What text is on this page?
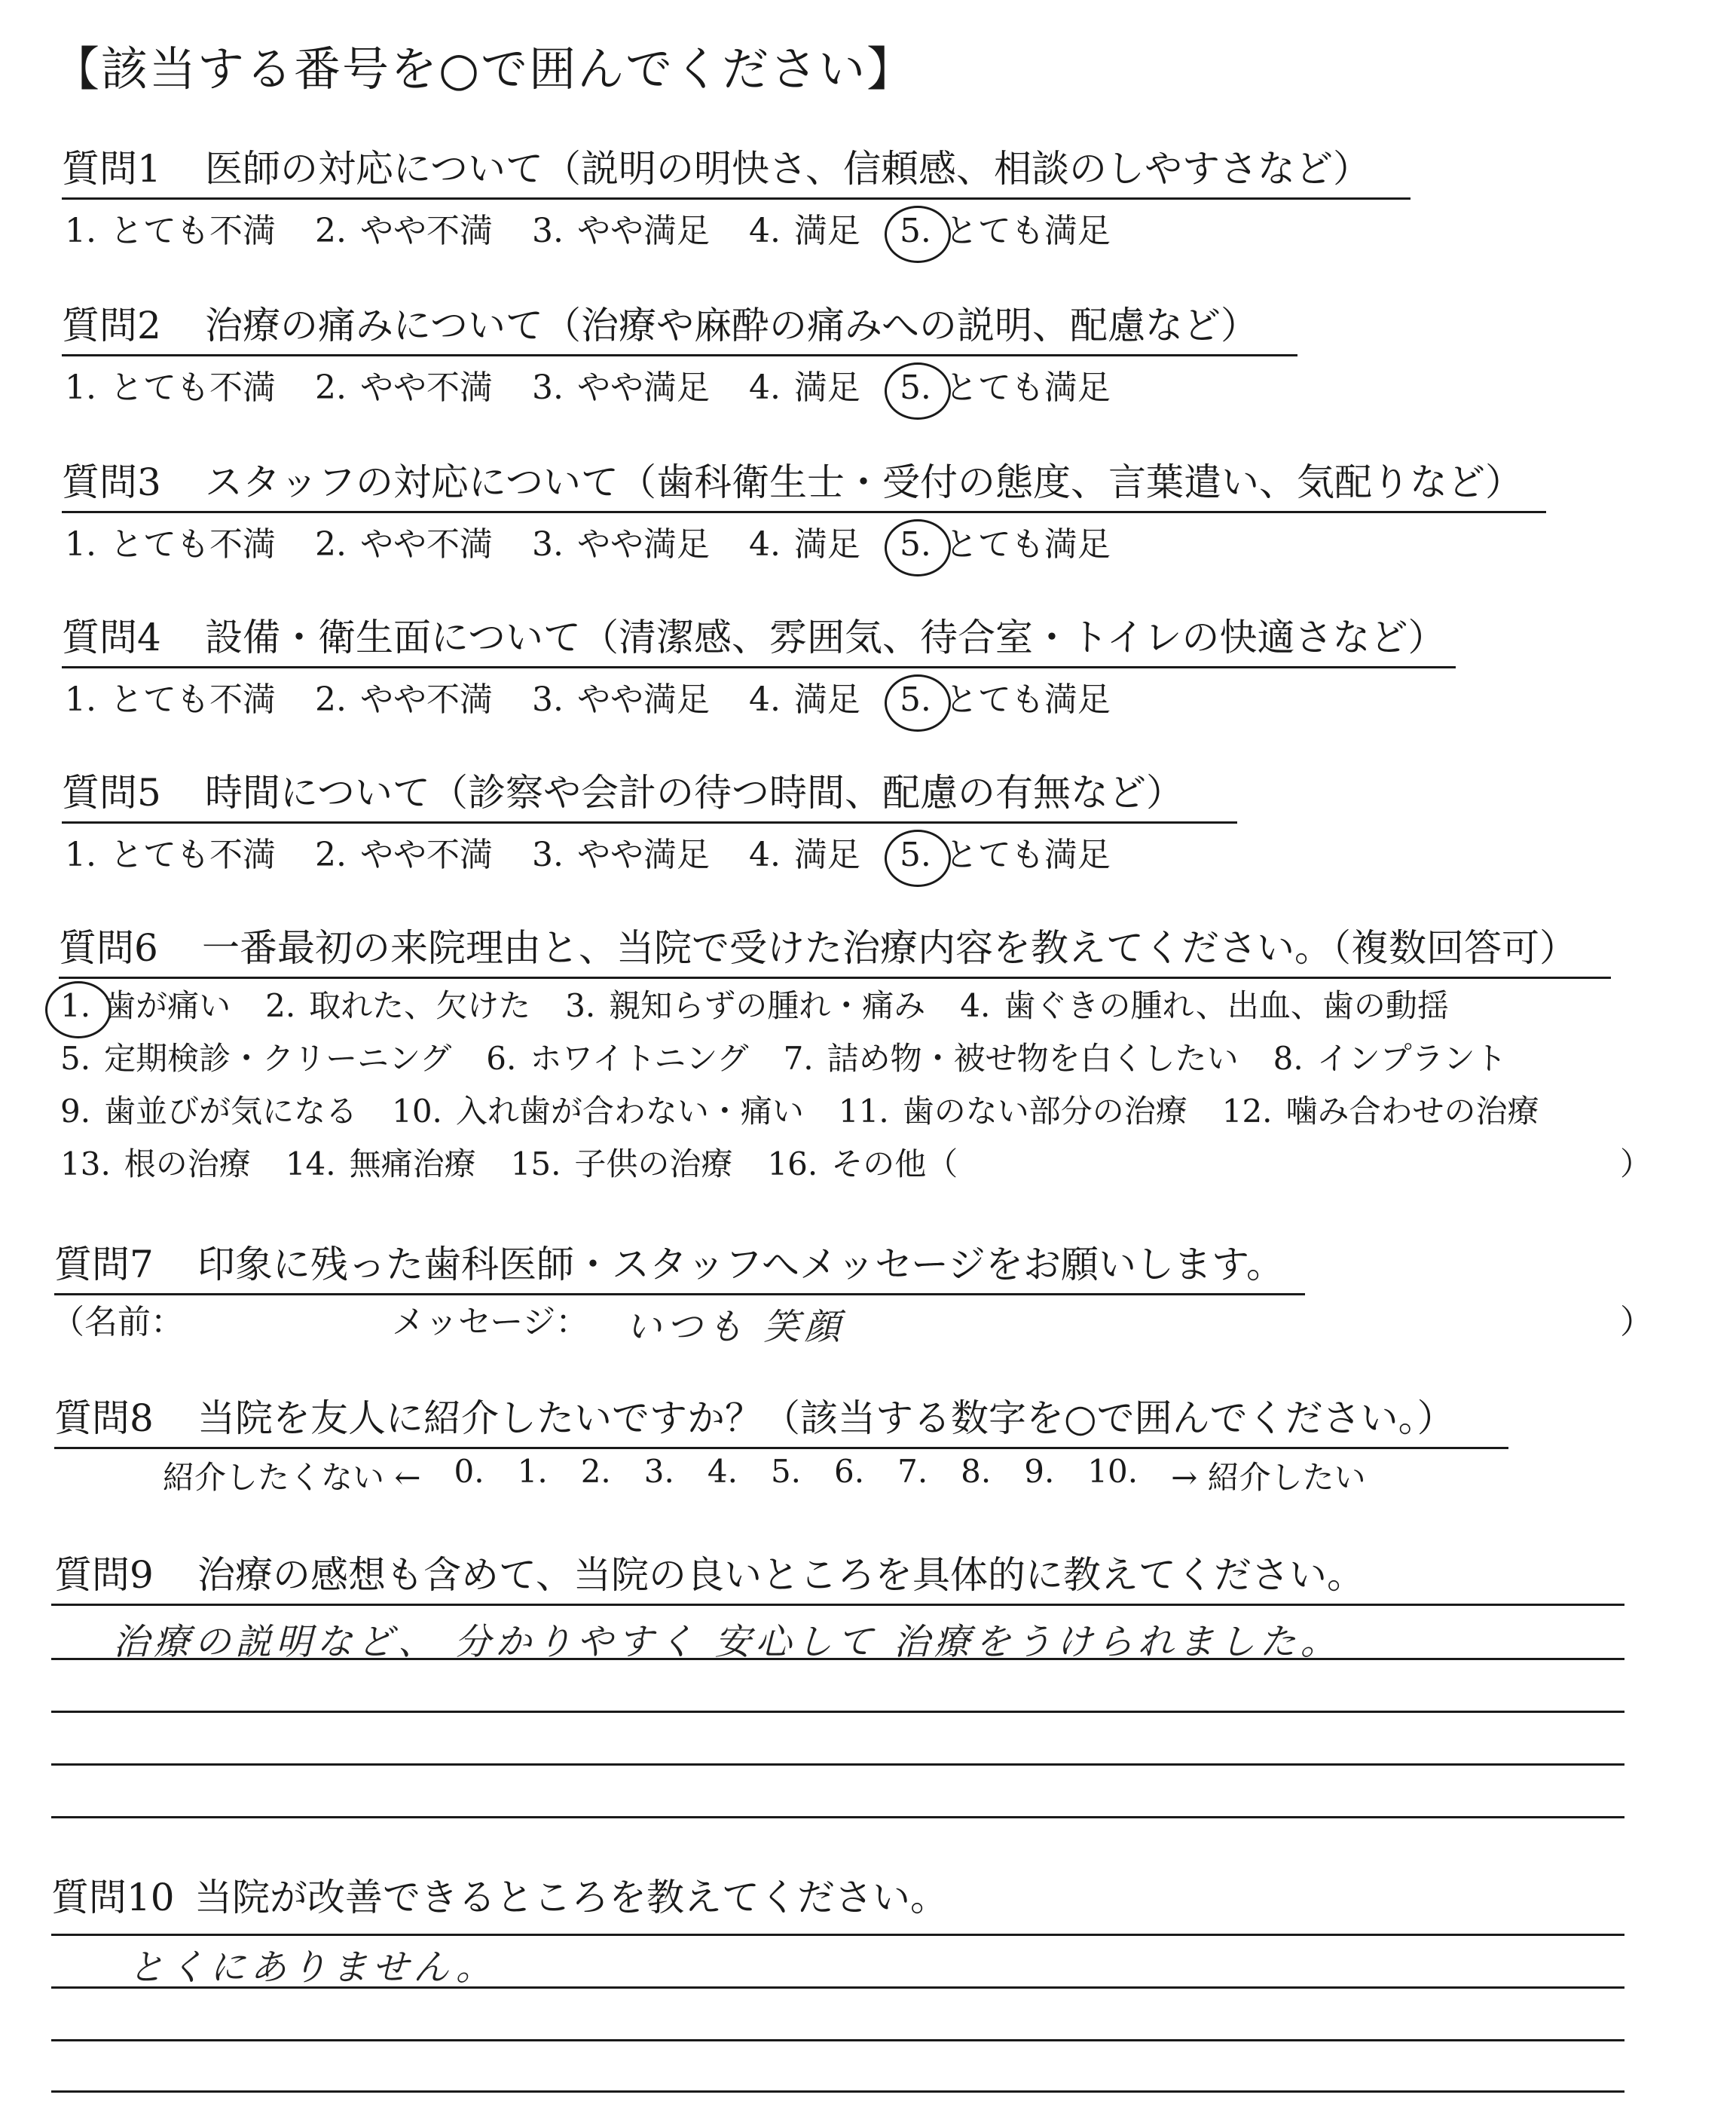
【該当する番号を○で囲んでください】
質問1 医師の対応について（説明の明快さ、信頼感、相談のしやすさなど）
1. とても不満 2. やや不満 3. やや満足 4. 満足 5. とても満足
質問2 治療の痛みについて（治療や麻酔の痛みへの説明、配慮など）
1. とても不満 2. やや不満 3. やや満足 4. 満足 5. とても満足
質問3 スタッフの対応について（歯科衛生士・受付の態度、言葉遣い、気配りなど）
1. とても不満 2. やや不満 3. やや満足 4. 満足 5. とても満足
質問4 設備・衛生面について（清潔感、雰囲気、待合室・トイレの快適さなど）
1. とても不満 2. やや不満 3. やや満足 4. 満足 5. とても満足
質問5 時間について（診察や会計の待つ時間、配慮の有無など）
1. とても不満 2. やや不満 3. やや満足 4. 満足 5. とても満足
質問6 一番最初の来院理由と、当院で受けた治療内容を教えてください。（複数回答可）
1. 歯が痛い 2. 取れた、欠けた 3. 親知らずの腫れ・痛み 4. 歯ぐきの腫れ、出血、歯の動揺
5. 定期検診・クリーニング 6. ホワイトニング 7. 詰め物・被せ物を白くしたい 8. インプラント
9. 歯並びが気になる 10. 入れ歯が合わない・痛い 11. 歯のない部分の治療 12. 噛み合わせの治療
13. 根の治療 14. 無痛治療 15. 子供の治療 16. その他（	）
質問7 印象に残った歯科医師・スタッフへメッセージをお願いします。
（名前：	メッセージ： いつも 笑顔	）
質問8 当院を友人に紹介したいですか？（該当する数字を○で囲んでください。）
紹介したくない ← 0. 1. 2. 3. 4. 5. 6. 7. 8. 9. 10. → 紹介したい
質問9 治療の感想も含めて、当院の良いところを具体的に教えてください。
治療の説明など、 分かりやすく 安心して 治療をうけられました。
質問10 当院が改善できるところを教えてください。
とくにありません。
